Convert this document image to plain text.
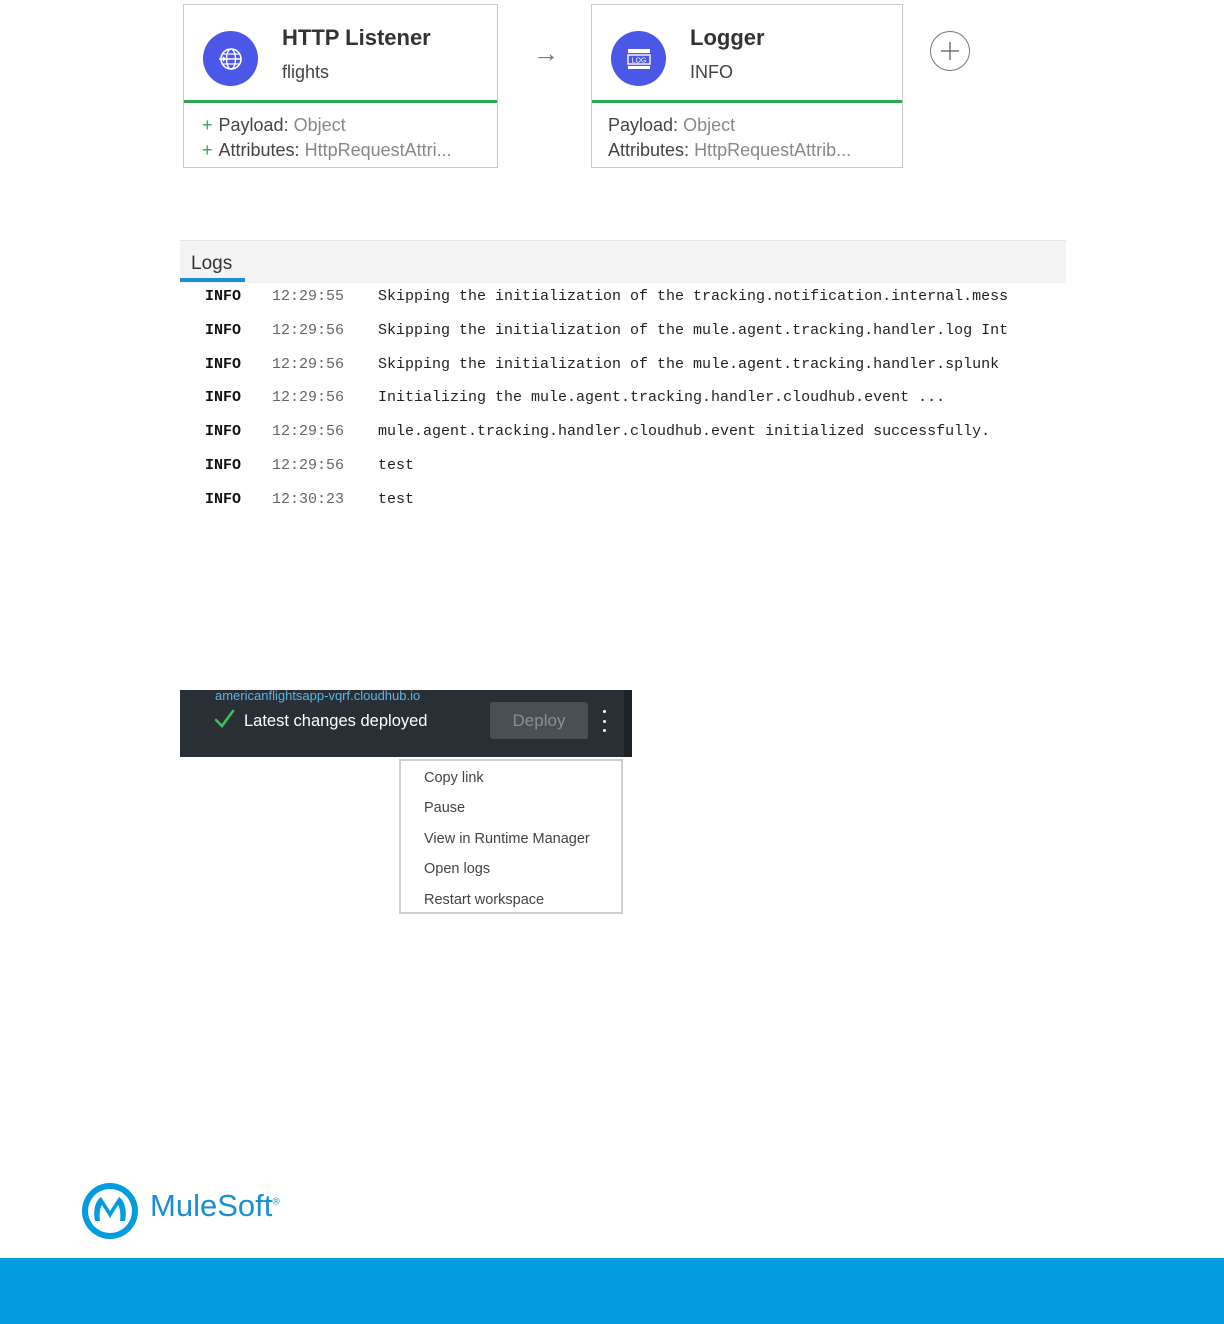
HTTP Listener
flights
+ Payload: Object
+ Attributes: HttpRequestAttri...
→	LOG
Logger
INFO
Payload: Object
Attributes: HttpRequestAttrib...
Logs
INFO 12:29:55 Skipping the initialization of the tracking.notification.internal.mess
INFO 12:29:56 Skipping the initialization of the mule.agent.tracking.handler.log Int
INFO 12:29:56 Skipping the initialization of the mule.agent.tracking.handler.splunk
INFO 12:29:56 Initializing the mule.agent.tracking.handler.cloudhub.event ...
INFO 12:29:56 mule.agent.tracking.handler.cloudhub.event initialized successfully.
INFO 12:29:56 test
INFO 12:30:23 test
americanflightsapp-vqrf.cloudhub.io
Latest changes deployed	Deploy
Copy link
Pause
View in Runtime Manager
Open logs
Restart workspace
MuleSoft®
